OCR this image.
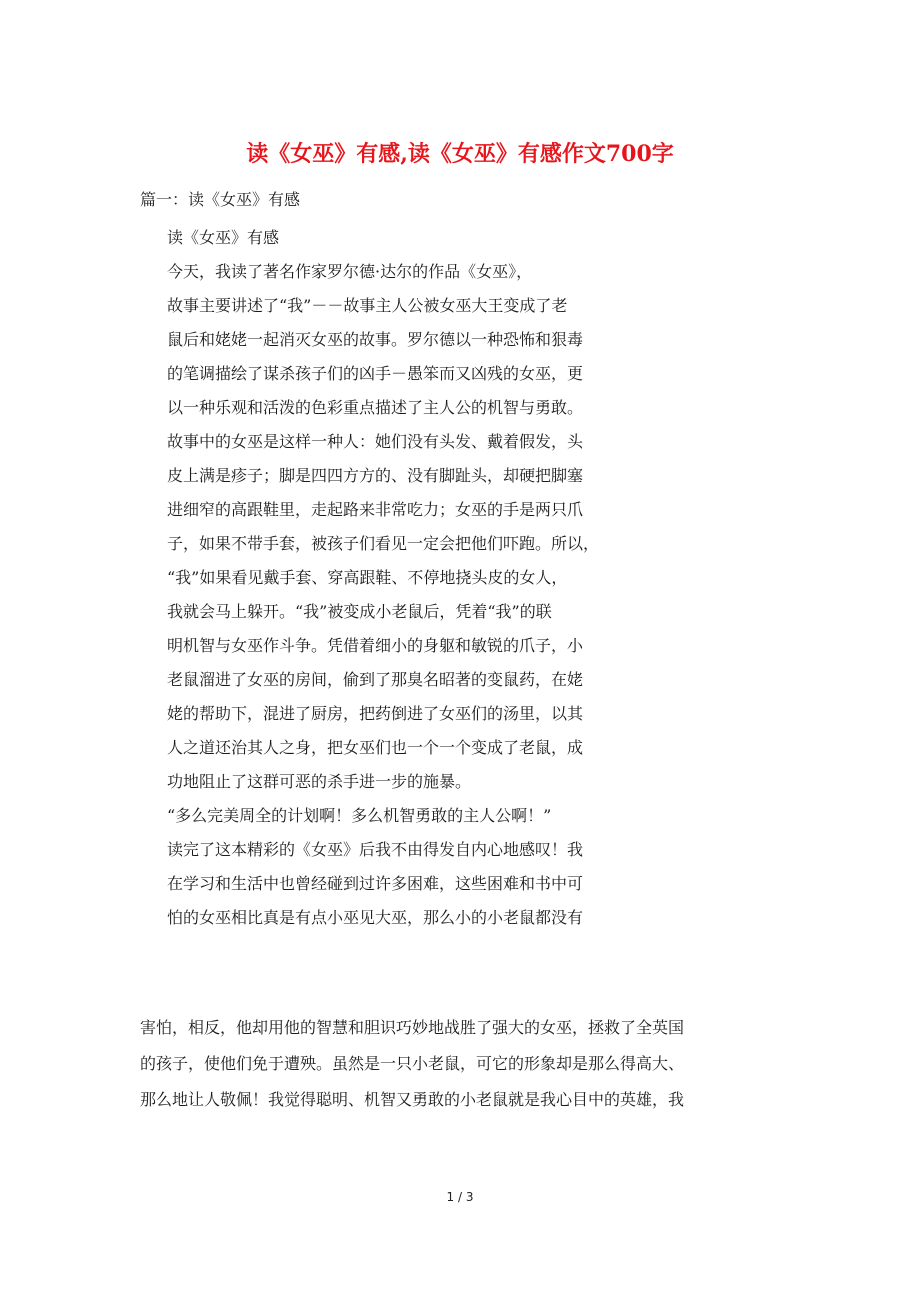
读《女巫》有感,读《女巫》有感作文700字
篇一：读《女巫》有感
读《女巫》有感
今天，我读了著名作家罗尔德·达尔的作品《女巫》，
故事主要讲述了“我”－－故事主人公被女巫大王变成了老
鼠后和姥姥一起消灭女巫的故事。罗尔德以一种恐怖和狠毒
的笔调描绘了谋杀孩子们的凶手－愚笨而又凶残的女巫，更
以一种乐观和活泼的色彩重点描述了主人公的机智与勇敢。
故事中的女巫是这样一种人：她们没有头发、戴着假发，头
皮上满是疹子；脚是四四方方的、没有脚趾头，却硬把脚塞
进细窄的高跟鞋里，走起路来非常吃力；女巫的手是两只爪
子，如果不带手套，被孩子们看见一定会把他们吓跑。所以，
“我”如果看见戴手套、穿高跟鞋、不停地挠头皮的女人，
我就会马上躲开。“我”被变成小老鼠后，凭着“我”的联
明机智与女巫作斗争。凭借着细小的身躯和敏锐的爪子，小
老鼠溜进了女巫的房间，偷到了那臭名昭著的变鼠药，在姥
姥的帮助下，混进了厨房，把药倒进了女巫们的汤里，以其
人之道还治其人之身，把女巫们也一个一个变成了老鼠，成
功地阻止了这群可恶的杀手进一步的施暴。
“多么完美周全的计划啊！多么机智勇敢的主人公啊！”
读完了这本精彩的《女巫》后我不由得发自内心地感叹！我
在学习和生活中也曾经碰到过许多困难，这些困难和书中可
怕的女巫相比真是有点小巫见大巫，那么小的小老鼠都没有
害怕，相反，他却用他的智慧和胆识巧妙地战胜了强大的女巫，拯救了全英国
的孩子，使他们免于遭殃。虽然是一只小老鼠，可它的形象却是那么得高大、
那么地让人敬佩！我觉得聪明、机智又勇敢的小老鼠就是我心目中的英雄，我
1 / 3
